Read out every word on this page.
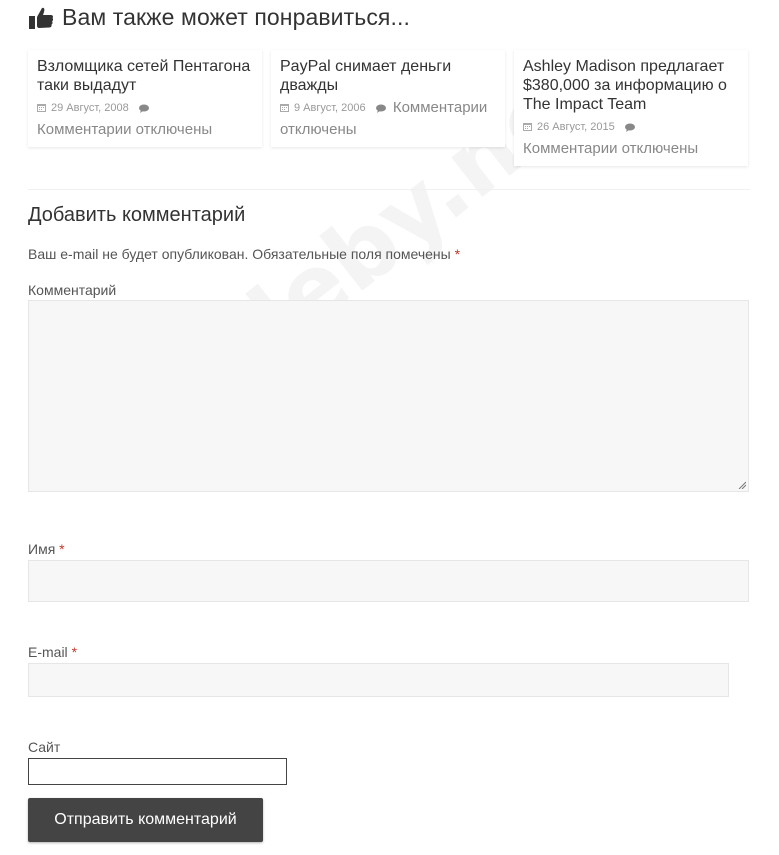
Вам также может понравиться...
Взломщика сетей Пентагона таки выдадут
29 Август, 2008

Комментарии отключены
PayPal снимает деньги дважды
9 Август, 2006 Комментарии отключены
Ashley Madison предлагает $380,000 за информацию о The Impact Team
26 Август, 2015

Комментарии отключены
Добавить комментарий
Ваш e-mail не будет опубликован. Обязательные поля помечены *
Комментарий
Имя *
E-mail *
Сайт
Отправить комментарий
